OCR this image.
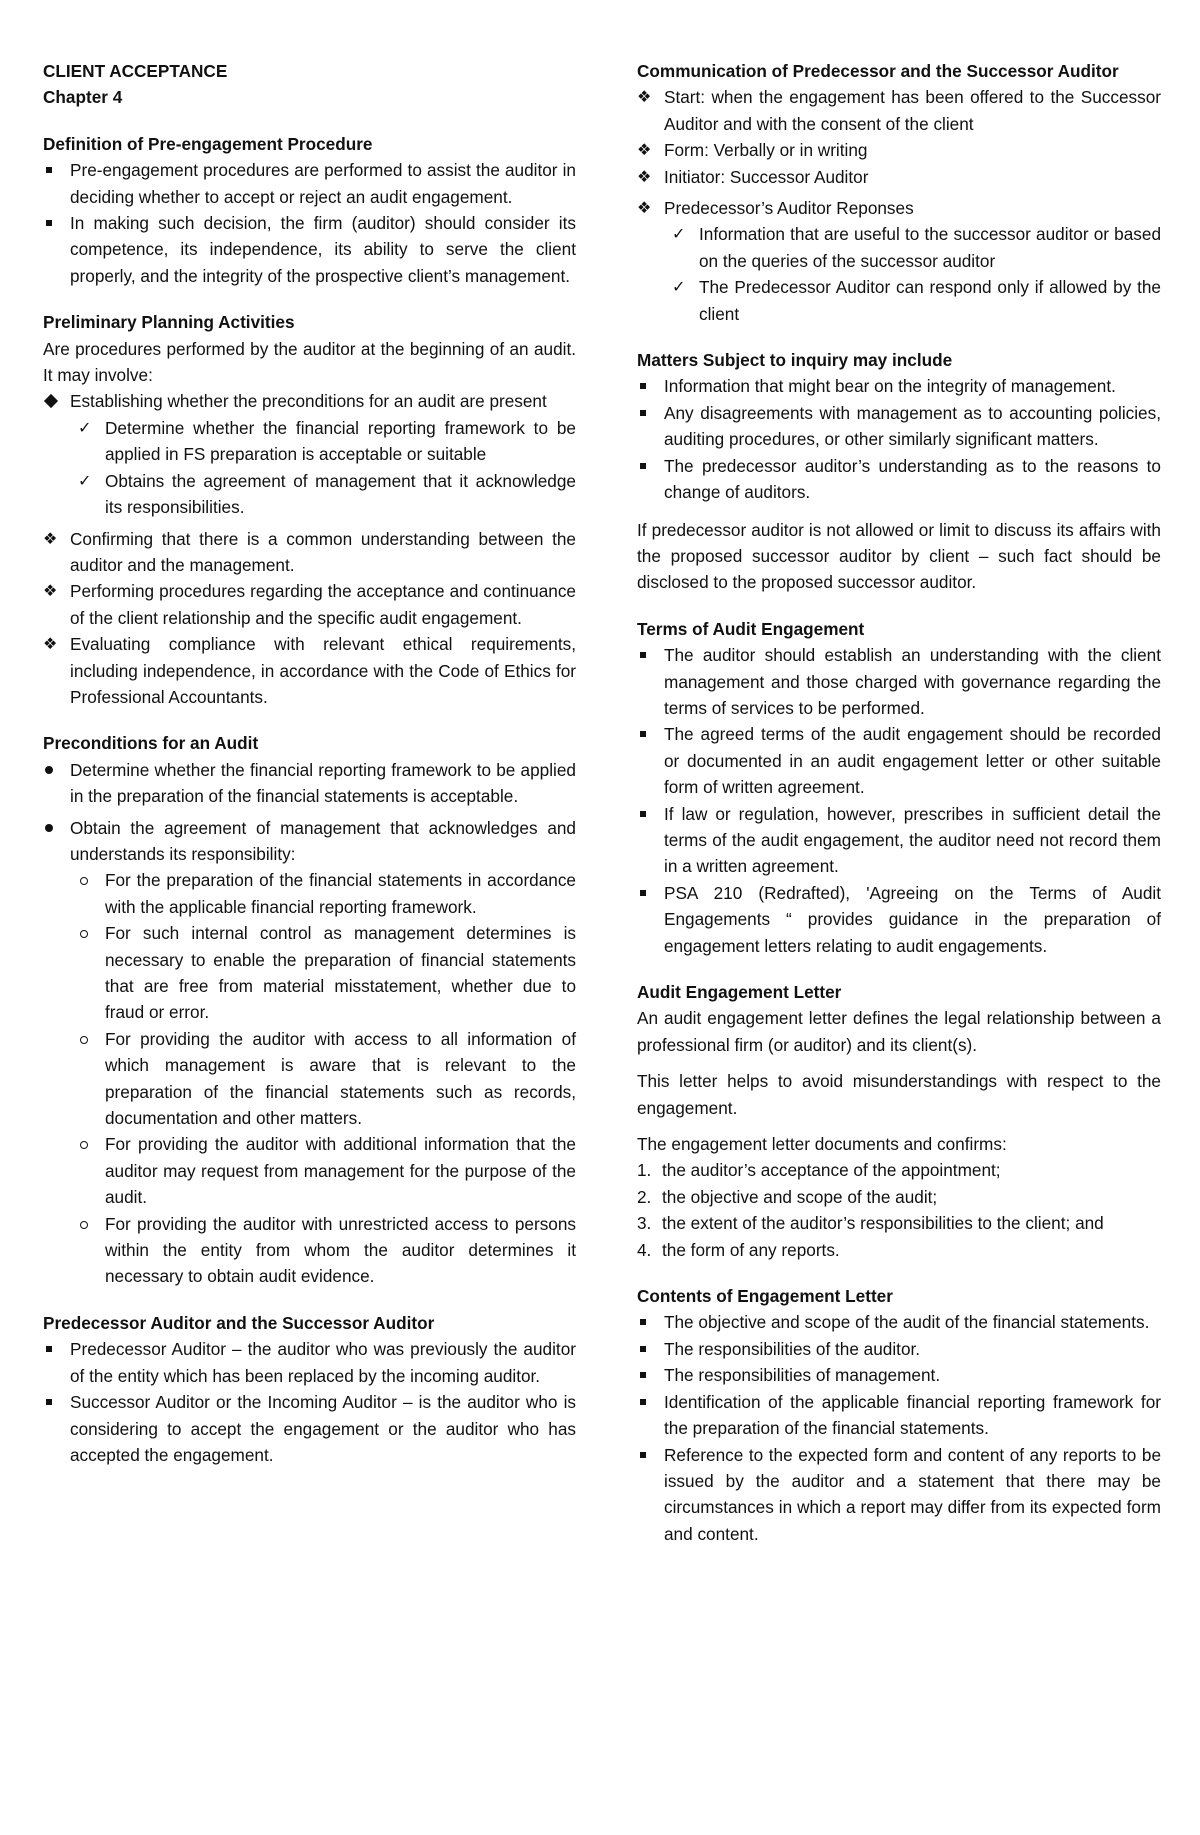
CLIENT ACCEPTANCE

Chapter 4

Definition of Pre-engagement Procedure

Pre-engagement procedures are performed to assist the auditor in deciding whether to accept or reject an audit engagement.
In making such decision, the firm (auditor) should consider its competence, its independence, its ability to serve the client properly, and the integrity of the prospective client’s management.

Preliminary Planning Activities

Are procedures performed by the auditor at the beginning of an audit. It may involve:

Establishing whether the preconditions for an audit are present
✓ Determine whether the financial reporting framework to be applied in FS preparation is acceptable or suitable
✓ Obtains the agreement of management that it acknowledge its responsibilities.
❖ Confirming that there is a common understanding between the auditor and the management.
❖ Performing procedures regarding the acceptance and continuance of the client relationship and the specific audit engagement.
❖ Evaluating compliance with relevant ethical requirements, including independence, in accordance with the Code of Ethics for Professional Accountants.

Preconditions for an Audit

Determine whether the financial reporting framework to be applied in the preparation of the financial statements is acceptable.
Obtain the agreement of management that acknowledges and understands its responsibility:
For the preparation of the financial statements in accordance with the applicable financial reporting framework.
For such internal control as management determines is necessary to enable the preparation of financial statements that are free from material misstatement, whether due to fraud or error.
For providing the auditor with access to all information of which management is aware that is relevant to the preparation of the financial statements such as records, documentation and other matters.
For providing the auditor with additional information that the auditor may request from management for the purpose of the audit.
For providing the auditor with unrestricted access to persons within the entity from whom the auditor determines it necessary to obtain audit evidence.

Predecessor Auditor and the Successor Auditor

Predecessor Auditor – the auditor who was previously the auditor of the entity which has been replaced by the incoming auditor.
Successor Auditor or the Incoming Auditor – is the auditor who is considering to accept the engagement or the auditor who has accepted the engagement.

Communication of Predecessor and the Successor Auditor

❖ Start: when the engagement has been offered to the Successor Auditor and with the consent of the client
❖ Form: Verbally or in writing
❖ Initiator: Successor Auditor
❖ Predecessor’s Auditor Reponses
✓ Information that are useful to the successor auditor or based on the queries of the successor auditor
✓ The Predecessor Auditor can respond only if allowed by the client

Matters Subject to inquiry may include

Information that might bear on the integrity of management.
Any disagreements with management as to accounting policies, auditing procedures, or other similarly significant matters.
The predecessor auditor’s understanding as to the reasons to change of auditors.

If predecessor auditor is not allowed or limit to discuss its affairs with the proposed successor auditor by client – such fact should be disclosed to the proposed successor auditor.

Terms of Audit Engagement

The auditor should establish an understanding with the client management and those charged with governance regarding the terms of services to be performed.
The agreed terms of the audit engagement should be recorded or documented in an audit engagement letter or other suitable form of written agreement.
If law or regulation, however, prescribes in sufficient detail the terms of the audit engagement, the auditor need not record them in a written agreement.
PSA 210 (Redrafted), 'Agreeing on the Terms of Audit Engagements “ provides guidance in the preparation of engagement letters relating to audit engagements.

Audit Engagement Letter

An audit engagement letter defines the legal relationship between a professional firm (or auditor) and its client(s).

This letter helps to avoid misunderstandings with respect to the engagement.

The engagement letter documents and confirms:

1. the auditor’s acceptance of the appointment;
2. the objective and scope of the audit;
3. the extent of the auditor’s responsibilities to the client; and
4. the form of any reports.

Contents of Engagement Letter

The objective and scope of the audit of the financial statements.
The responsibilities of the auditor.
The responsibilities of management.
Identification of the applicable financial reporting framework for the preparation of the financial statements.
Reference to the expected form and content of any reports to be issued by the auditor and a statement that there may be circumstances in which a report may differ from its expected form and content.
